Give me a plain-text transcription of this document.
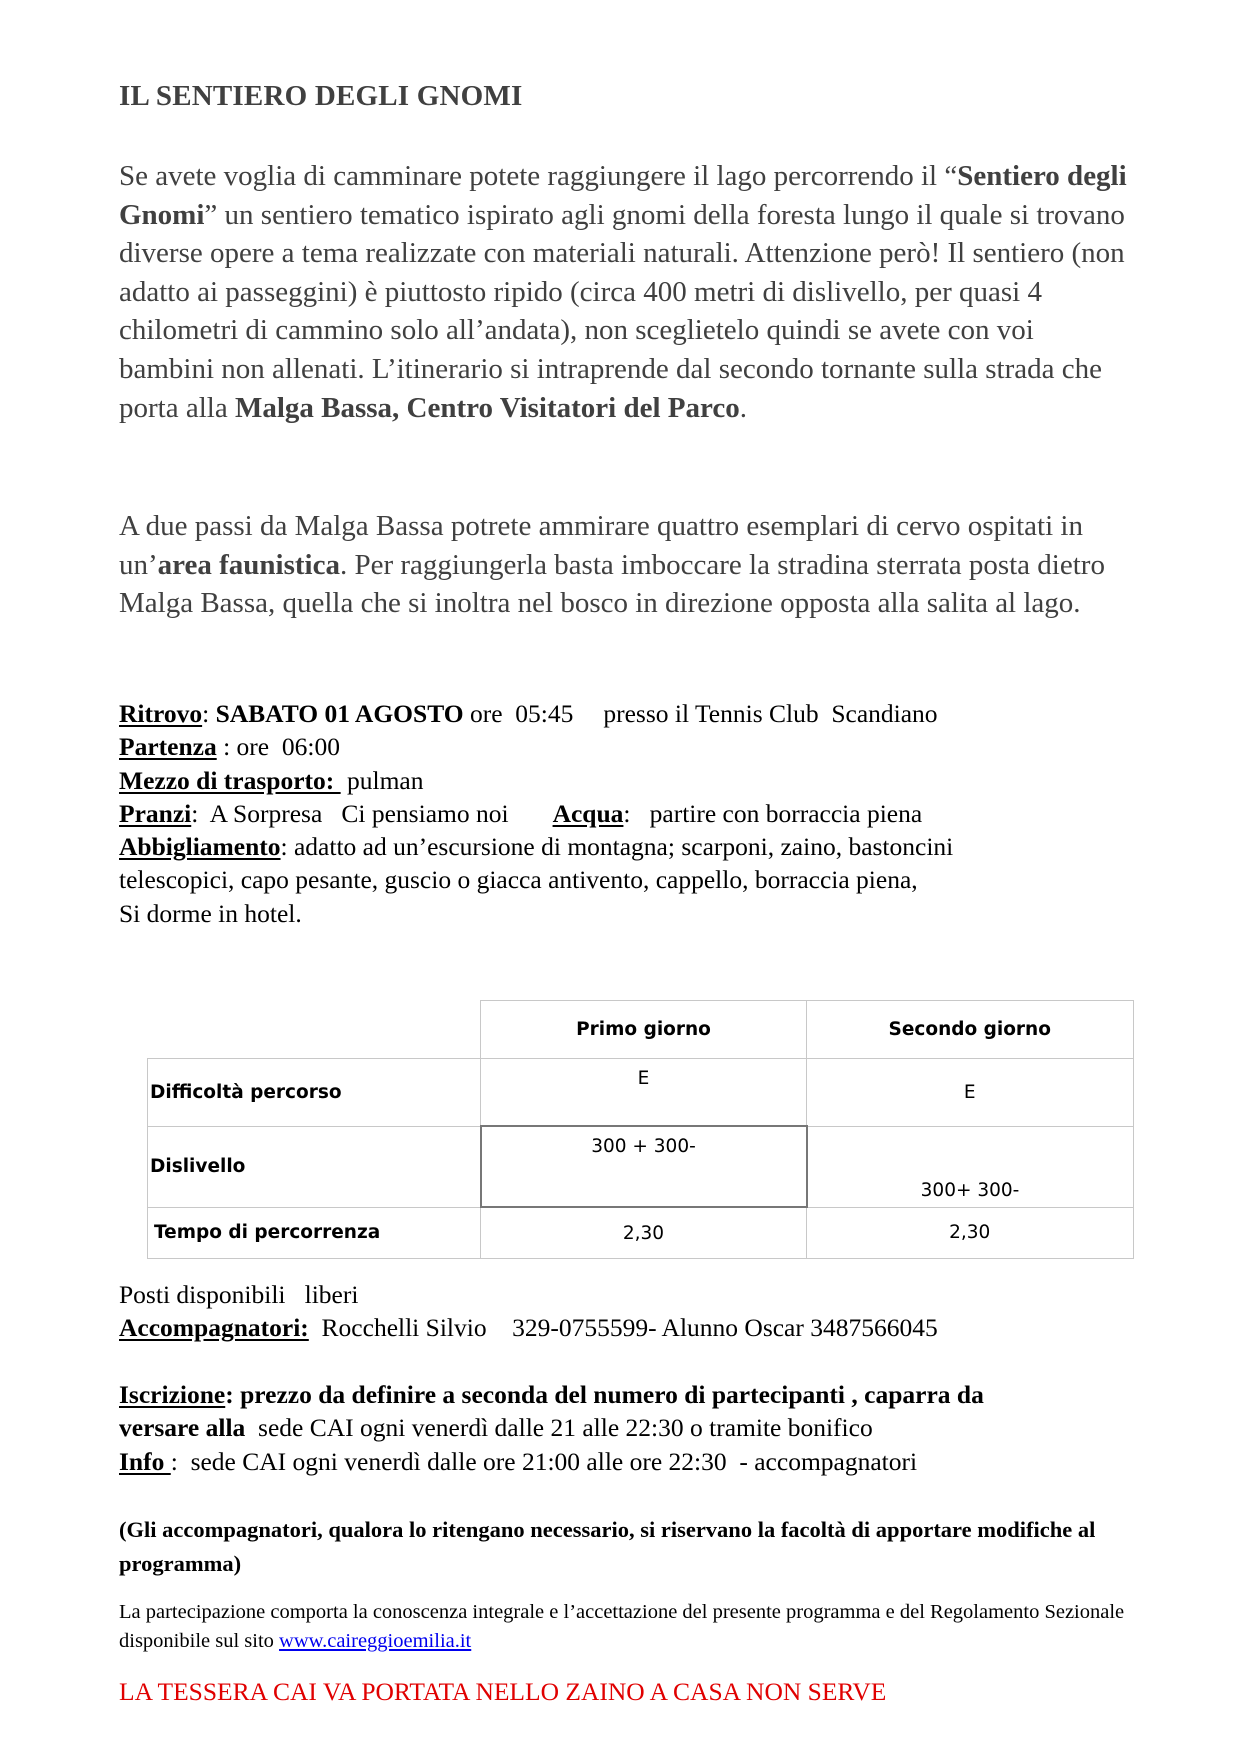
IL SENTIERO DEGLI GNOMI

Se avete voglia di camminare potete raggiungere il lago percorrendo il “Sentiero degli Gnomi” un sentiero tematico ispirato agli gnomi della foresta lungo il quale si trovano diverse opere a tema realizzate con materiali naturali. Attenzione però! Il sentiero (non adatto ai passeggini) è piuttosto ripido (circa 400 metri di dislivello, per quasi 4 chilometri di cammino solo all’andata), non sceglietelo quindi se avete con voi bambini non allenati. L’itinerario si intraprende dal secondo tornante sulla strada che porta alla Malga Bassa, Centro Visitatori del Parco.

A due passi da Malga Bassa potrete ammirare quattro esemplari di cervo ospitati in un’area faunistica. Per raggiungerla basta imboccare la stradina sterrata posta dietro Malga Bassa, quella che si inoltra nel bosco in direzione opposta alla salita al lago.

Ritrovo: SABATO 01 AGOSTO ore  05:45 presso il Tennis Club  Scandiano
Partenza : ore  06:00
Mezzo di trasporto:  pulman
Pranzi:  A Sorpresa   Ci pensiamo noi Acqua:   partire con borraccia piena
Abbigliamento: adatto ad un’escursione di montagna; scarponi, zaino, bastoncini
telescopici, capo pesante, guscio o giacca antivento, cappello, borraccia piena,
Si dorme in hotel.
	Primo giorno	Secondo giorno
Difficoltà percorso	E	E
Dislivello	300 + 300-	300+ 300-
Tempo di percorrenza	2,30	2,30
Posti disponibili   liberi
Accompagnatori:  Rocchelli Silvio    329-0755599- Alunno Oscar 3487566045
Iscrizione: prezzo da definire a seconda del numero di partecipanti , caparra da
versare alla  sede CAI ogni venerdì dalle 21 alle 22:30 o tramite bonifico
Info :  sede CAI ogni venerdì dalle ore 21:00 alle ore 22:30  - accompagnatori
(Gli accompagnatori, qualora lo ritengano necessario, si riservano la facoltà di apportare modifiche al programma)
La partecipazione comporta la conoscenza integrale e l’accettazione del presente programma e del Regolamento Sezionale disponibile sul sito www.caireggioemilia.it
LA TESSERA CAI VA PORTATA NELLO ZAINO A CASA NON SERVE
